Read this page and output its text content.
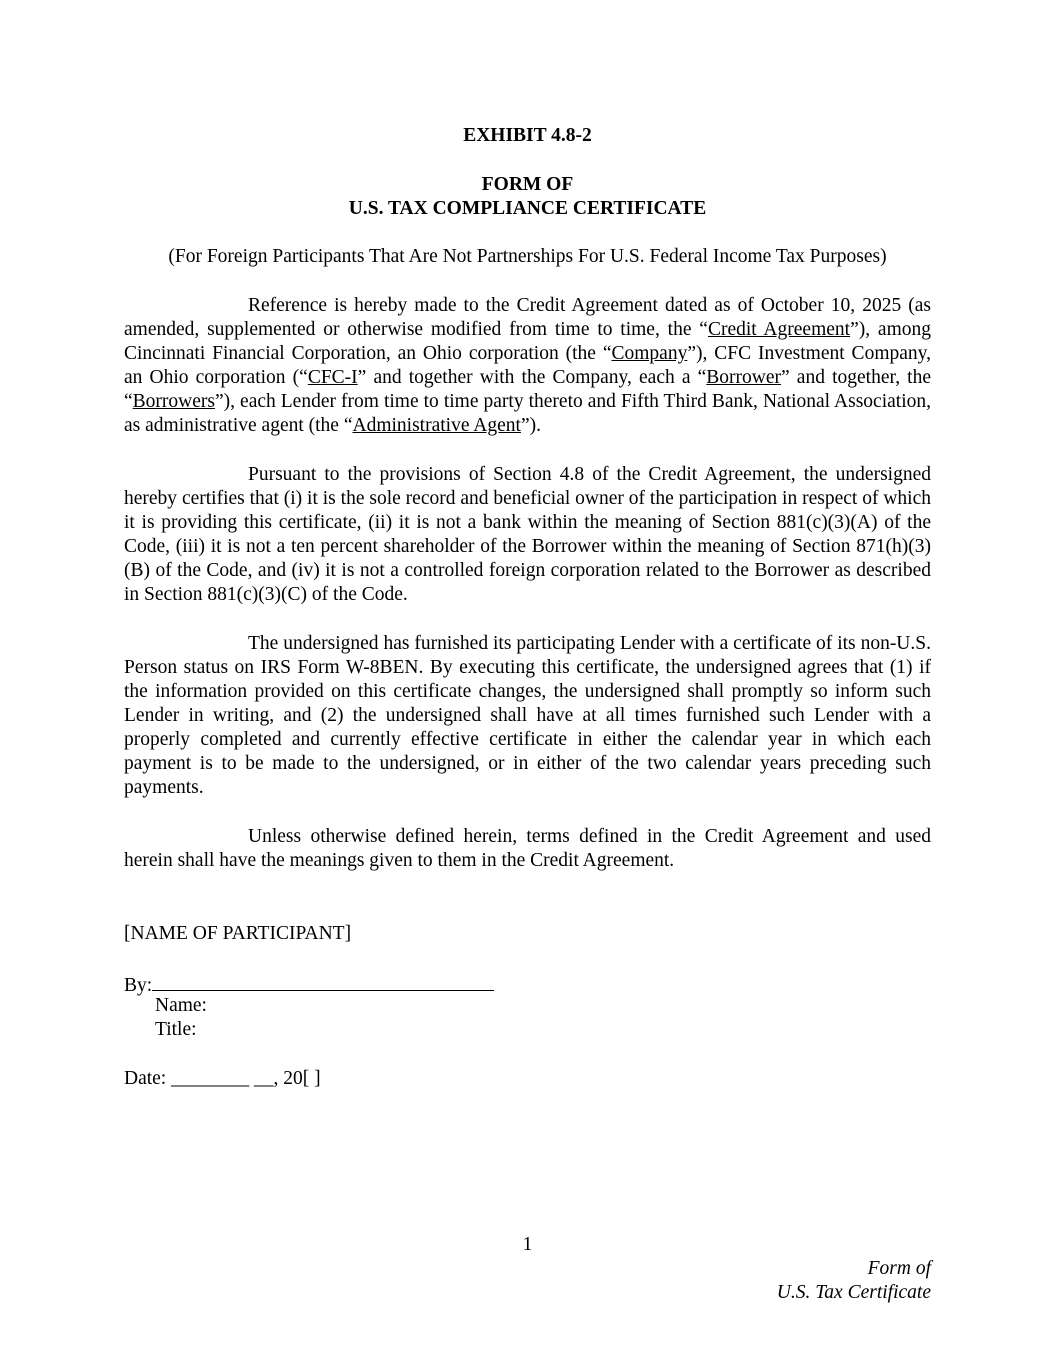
EXHIBIT 4.8-2
FORM OF
U.S. TAX COMPLIANCE CERTIFICATE
(For Foreign Participants That Are Not Partnerships For U.S. Federal Income Tax Purposes)
Reference is hereby made to the Credit Agreement dated as of October 10, 2025 (as amended, supplemented or otherwise modified from time to time, the “Credit Agreement”), among Cincinnati Financial Corporation, an Ohio corporation (the “Company”), CFC Investment Company, an Ohio corporation (“CFC-I” and together with the Company, each a “Borrower” and together, the “Borrowers”), each Lender from time to time party thereto and Fifth Third Bank, National Association, as administrative agent (the “Administrative Agent”).
Pursuant to the provisions of Section 4.8 of the Credit Agreement, the undersigned hereby certifies that (i) it is the sole record and beneficial owner of the participation in respect of which it is providing this certificate, (ii) it is not a bank within the meaning of Section 881(c)(3)(A) of the Code, (iii) it is not a ten percent shareholder of the Borrower within the meaning of Section 871(h)(3)(B) of the Code, and (iv) it is not a controlled foreign corporation related to the Borrower as described in Section 881(c)(3)(C) of the Code.
The undersigned has furnished its participating Lender with a certificate of its non-U.S. Person status on IRS Form W-8BEN. By executing this certificate, the undersigned agrees that (1) if the information provided on this certificate changes, the undersigned shall promptly so inform such Lender in writing, and (2) the undersigned shall have at all times furnished such Lender with a properly completed and currently effective certificate in either the calendar year in which each payment is to be made to the undersigned, or in either of the two calendar years preceding such payments.
Unless otherwise defined herein, terms defined in the Credit Agreement and used herein shall have the meanings given to them in the Credit Agreement.
[NAME OF PARTICIPANT]
By:
Name:
Title:
Date: ________ __, 20[ ]
1
Form of
U.S. Tax Certificate
